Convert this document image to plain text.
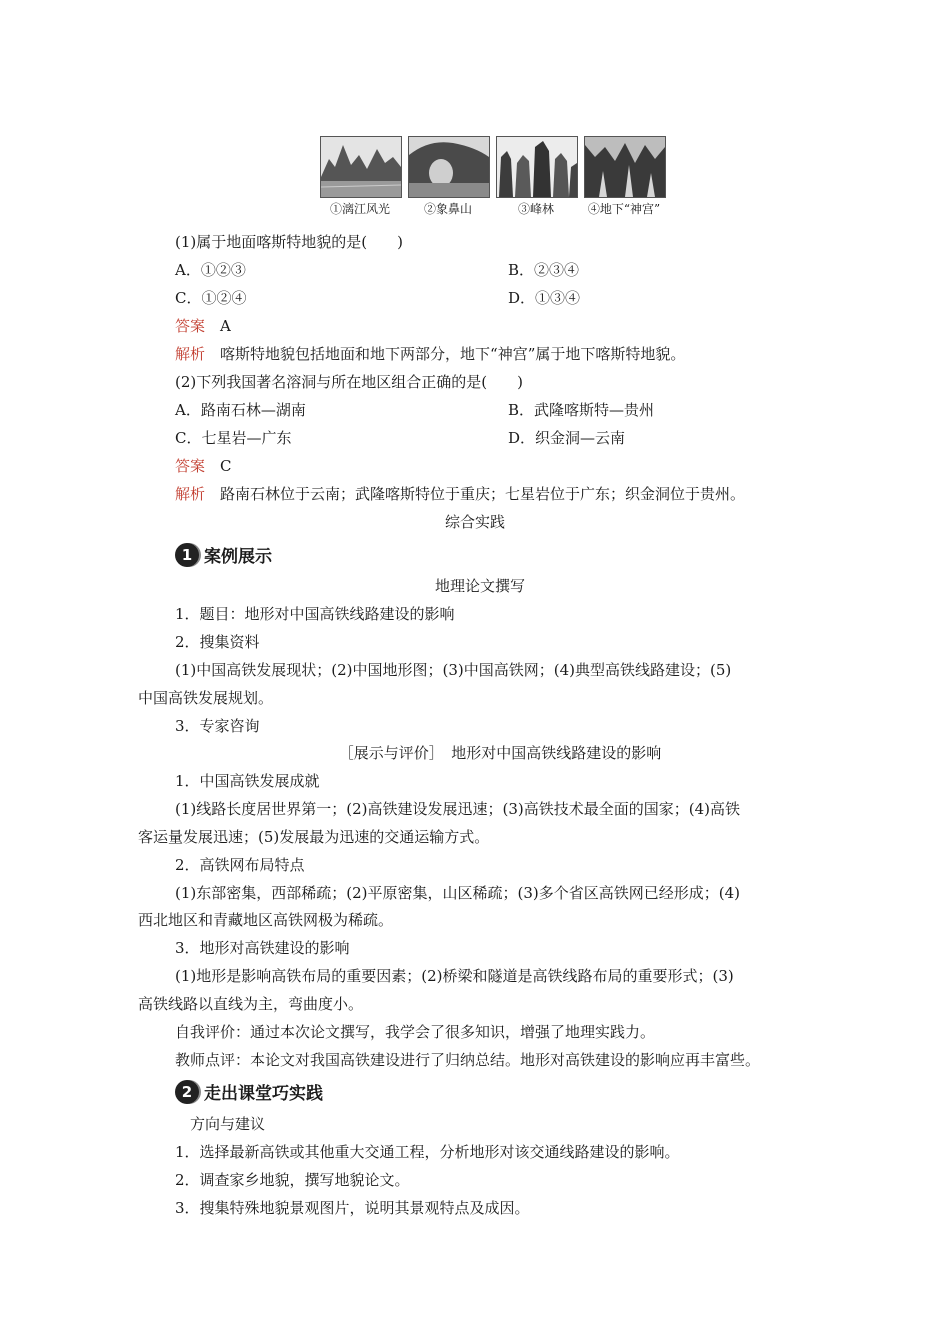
①漓江风光	②象鼻山	③峰林	④地下“神宫”
(1)属于地面喀斯特地貌的是(　　)
A．①②③	B．②③④
C．①②④	D．①③④
答案　 A
解析　 喀斯特地貌包括地面和地下两部分，地下“神宫”属于地下喀斯特地貌。
(2)下列我国著名溶洞与所在地区组合正确的是(　　)
A．路南石林—湖南	B．武隆喀斯特—贵州
C．七星岩—广东	D．织金洞—云南
答案　 C
解析　 路南石林位于云南；武隆喀斯特位于重庆；七星岩位于广东；织金洞位于贵州。
综合实践
1 案例展示
地理论文撰写
1．题目：地形对中国高铁线路建设的影响
2．搜集资料
(1)中国高铁发展现状；(2)中国地形图；(3)中国高铁网；(4)典型高铁线路建设；(5)
中国高铁发展规划。
3．专家咨询
［展示与评价］　地形对中国高铁线路建设的影响
1．中国高铁发展成就
(1)线路长度居世界第一；(2)高铁建设发展迅速；(3)高铁技术最全面的国家；(4)高铁
客运量发展迅速；(5)发展最为迅速的交通运输方式。
2．高铁网布局特点
(1)东部密集，西部稀疏；(2)平原密集，山区稀疏；(3)多个省区高铁网已经形成；(4)
西北地区和青藏地区高铁网极为稀疏。
3．地形对高铁建设的影响
(1)地形是影响高铁布局的重要因素；(2)桥梁和隧道是高铁线路布局的重要形式；(3)
高铁线路以直线为主，弯曲度小。
自我评价：通过本次论文撰写，我学会了很多知识，增强了地理实践力。
教师点评：本论文对我国高铁建设进行了归纳总结。地形对高铁建设的影响应再丰富些。
2 走出课堂巧实践
方向与建议
1．选择最新高铁或其他重大交通工程，分析地形对该交通线路建设的影响。
2．调查家乡地貌，撰写地貌论文。
3．搜集特殊地貌景观图片，说明其景观特点及成因。
